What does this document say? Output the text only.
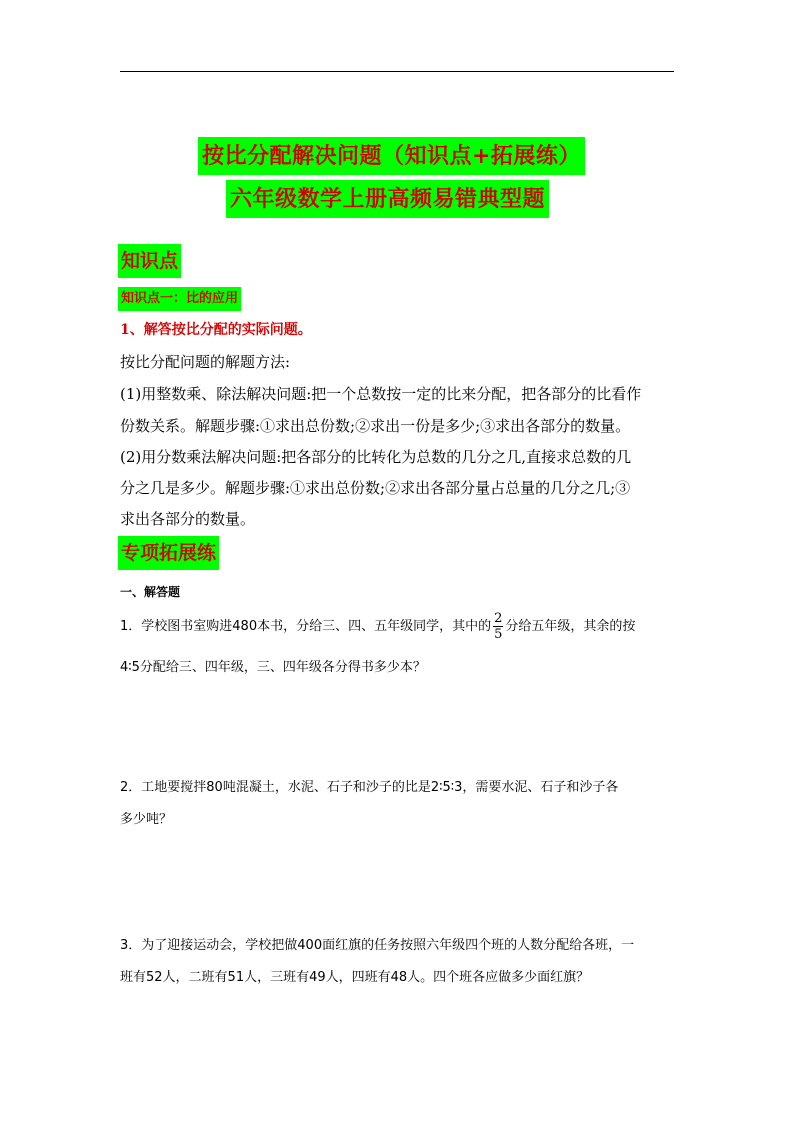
按比分配解决问题（知识点+拓展练）
六年级数学上册高频易错典型题
知识点
知识点一：比的应用
1、解答按比分配的实际问题。
按比分配问题的解题方法:
(1)用整数乘、除法解决问题:把一个总数按一定的比来分配，把各部分的比看作
份数关系。解题步骤:①求出总份数;②求出一份是多少;③求出各部分的数量。
(2)用分数乘法解决问题:把各部分的比转化为总数的几分之几,直接求总数的几
分之几是多少。解题步骤:①求出总份数;②求出各部分量占总量的几分之几;③
求出各部分的数量。
专项拓展练
一、解答题
1．学校图书室购进480本书，分给三、四、五年级同学，其中的 $\frac{2}{5}$ 分给五年级，其余的按
4∶5分配给三、四年级，三、四年级各分得书多少本？
2．工地要搅拌80吨混凝土，水泥、石子和沙子的比是2∶5∶3，需要水泥、石子和沙子各
多少吨？
3．为了迎接运动会，学校把做400面红旗的任务按照六年级四个班的人数分配给各班，一
班有52人，二班有51人，三班有49人，四班有48人。四个班各应做多少面红旗？
